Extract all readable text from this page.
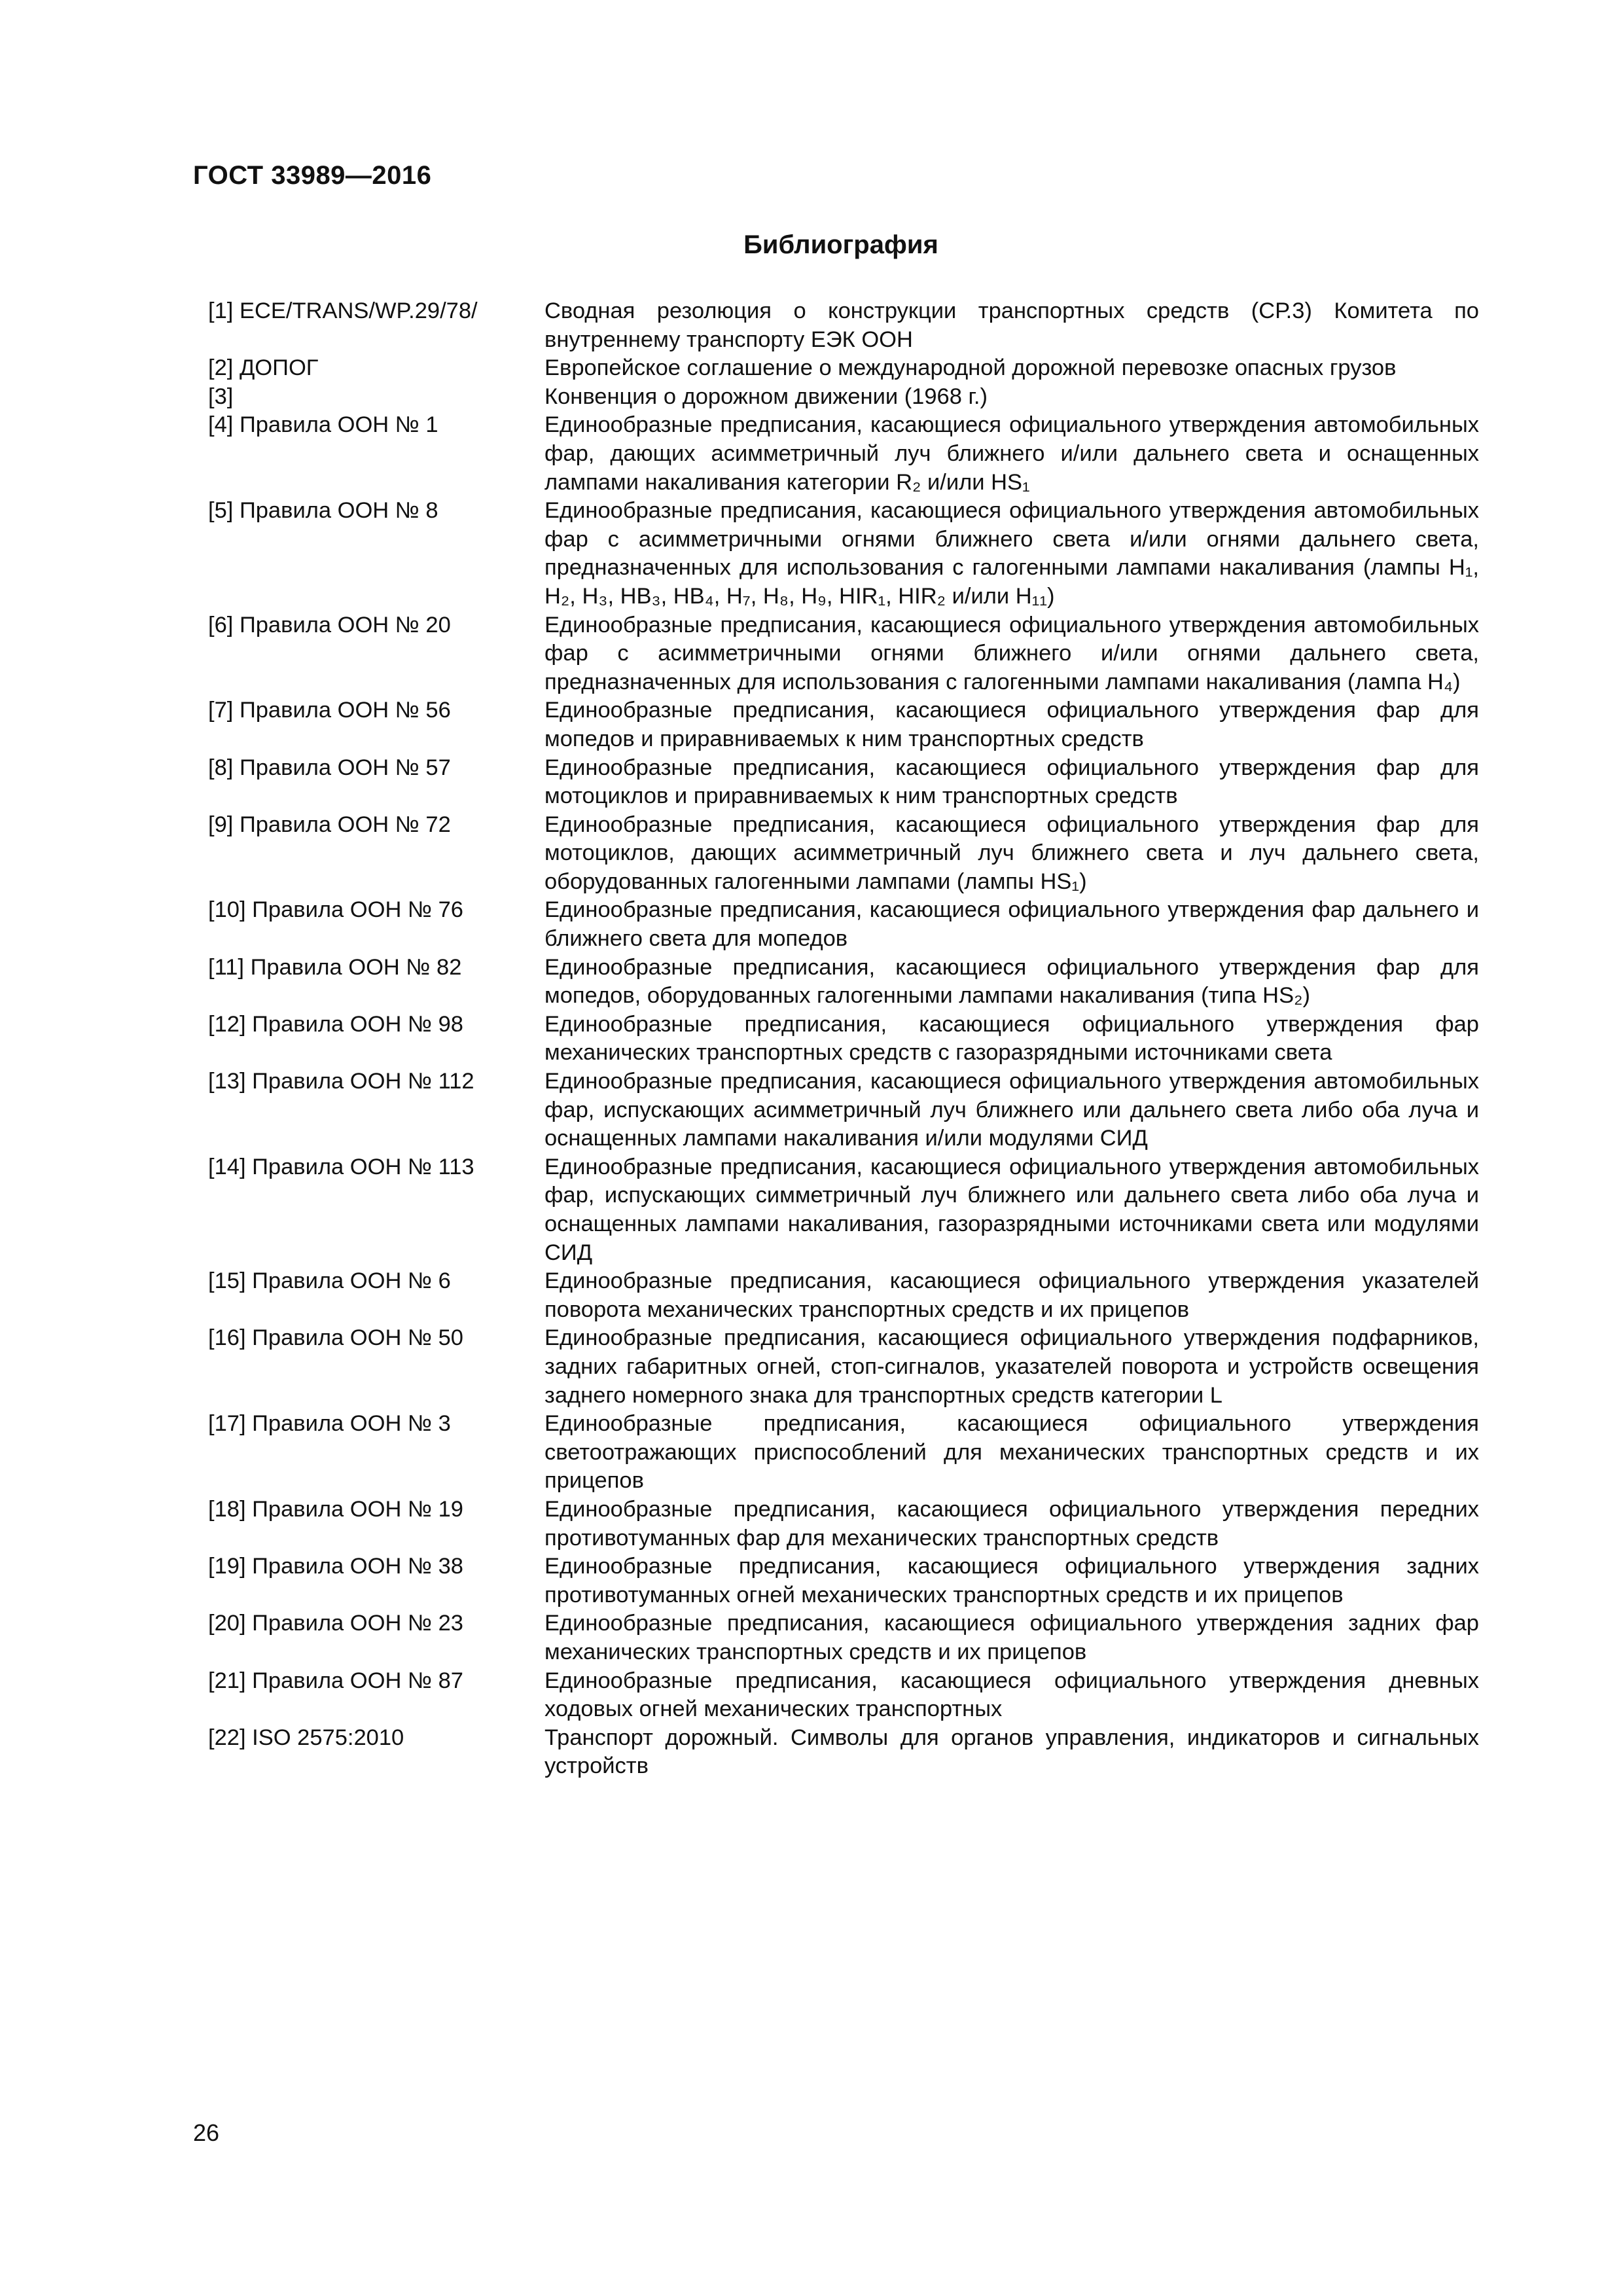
ГОСТ 33989—2016
Библиография
[1] ECE/TRANS/WP.29/78/	Сводная резолюция о конструкции транспортных средств (СР.3) Комитета по внутреннему транспорту ЕЭК ООН
[2] ДОПОГ	Европейское соглашение о международной дорожной перевозке опасных грузов
[3]	Конвенция о дорожном движении (1968 г.)
[4] Правила ООН № 1	Единообразные предписания, касающиеся официального утверждения автомобильных фар, дающих асимметричный луч ближнего и/или дальнего света и оснащенных лампами накаливания категории R₂ и/или HS₁
[5] Правила ООН № 8	Единообразные предписания, касающиеся официального утверждения автомобильных фар с асимметричными огнями ближнего света и/или огнями дальнего света, предназначенных для использования с галогенными лампами накаливания (лампы H₁, H₂, H₃, HB₃, HB₄, H₇, H₈, H₉, HIR₁, HIR₂ и/или H₁₁)
[6] Правила ООН № 20	Единообразные предписания, касающиеся официального утверждения автомобильных фар с асимметричными огнями ближнего и/или огнями дальнего света, предназначенных для использования с галогенными лампами накаливания (лампа H₄)
[7] Правила ООН № 56	Единообразные предписания, касающиеся официального утверждения фар для мопедов и приравниваемых к ним транспортных средств
[8] Правила ООН № 57	Единообразные предписания, касающиеся официального утверждения фар для мотоциклов и приравниваемых к ним транспортных средств
[9] Правила ООН № 72	Единообразные предписания, касающиеся официального утверждения фар для мотоциклов, дающих асимметричный луч ближнего света и луч дальнего света, оборудованных галогенными лампами (лампы HS₁)
[10] Правила ООН № 76	Единообразные предписания, касающиеся официального утверждения фар дальнего и ближнего света для мопедов
[11] Правила ООН № 82	Единообразные предписания, касающиеся официального утверждения фар для мопедов, оборудованных галогенными лампами накаливания (типа HS₂)
[12] Правила ООН № 98	Единообразные предписания, касающиеся официального утверждения фар механических транспортных средств с газоразрядными источниками света
[13] Правила ООН № 112	Единообразные предписания, касающиеся официального утверждения автомобильных фар, испускающих асимметричный луч ближнего или дальнего света либо оба луча и оснащенных лампами накаливания и/или модулями СИД
[14] Правила ООН № 113	Единообразные предписания, касающиеся официального утверждения автомобильных фар, испускающих симметричный луч ближнего или дальнего света либо оба луча и оснащенных лампами накаливания, газоразрядными источниками света или модулями СИД
[15] Правила ООН № 6	Единообразные предписания, касающиеся официального утверждения указателей поворота механических транспортных средств и их прицепов
[16] Правила ООН № 50	Единообразные предписания, касающиеся официального утверждения подфарников, задних габаритных огней, стоп-сигналов, указателей поворота и устройств освещения заднего номерного знака для транспортных средств категории L
[17] Правила ООН № 3	Единообразные предписания, касающиеся официального утверждения светоотражающих приспособлений для механических транспортных средств и их прицепов
[18] Правила ООН № 19	Единообразные предписания, касающиеся официального утверждения передних противотуманных фар для механических транспортных средств
[19] Правила ООН № 38	Единообразные предписания, касающиеся официального утверждения задних противотуманных огней механических транспортных средств и их прицепов
[20] Правила ООН № 23	Единообразные предписания, касающиеся официального утверждения задних фар механических транспортных средств и их прицепов
[21] Правила ООН № 87	Единообразные предписания, касающиеся официального утверждения дневных ходовых огней механических транспортных
[22] ISO 2575:2010	Транспорт дорожный. Символы для органов управления, индикаторов и сигнальных устройств

26
